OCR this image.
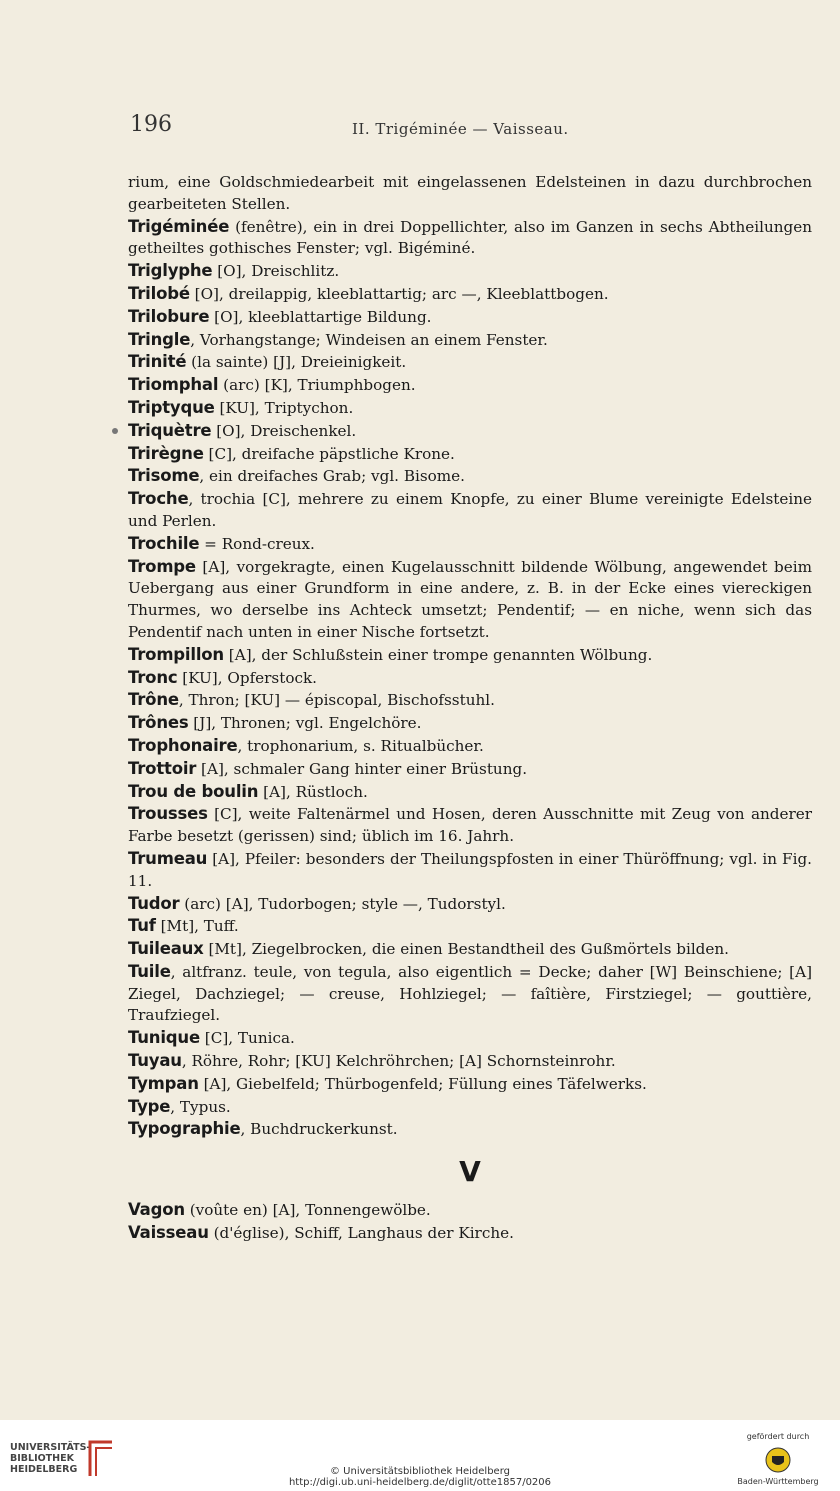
196	II. Trigéminée — Vaisseau.

rium, eine Goldschmiedearbeit mit eingelassenen Edelsteinen in dazu durchbrochen gearbeiteten Stellen.

Trigéminée (fenêtre), ein in drei Doppellichter, also im Ganzen in sechs Abtheilungen getheiltes gothisches Fenster; vgl. Bigéminé.

Triglyphe [O], Dreischlitz.

Trilobé [O], dreilappig, kleeblattartig; arc —, Kleeblattbogen.

Trilobure [O], kleeblattartige Bildung.

Tringle, Vorhangstange; Windeisen an einem Fenster.

Trinité (la sainte) [J], Dreieinigkeit.

Triomphal (arc) [K], Triumphbogen.

Triptyque [KU], Triptychon.

Triquètre [O], Dreischenkel.

Trirègne [C], dreifache päpstliche Krone.

Trisome, ein dreifaches Grab; vgl. Bisome.

Troche, trochia [C], mehrere zu einem Knopfe, zu einer Blume vereinigte Edelsteine und Perlen.

Trochile = Rond-creux.

Trompe [A], vorgekragte, einen Kugelausschnitt bildende Wölbung, angewendet beim Uebergang aus einer Grundform in eine andere, z. B. in der Ecke eines viereckigen Thurmes, wo derselbe ins Achteck umsetzt; Pendentif; — en niche, wenn sich das Pendentif nach unten in einer Nische fortsetzt.

Trompillon [A], der Schlußstein einer trompe genannten Wölbung.

Tronc [KU], Opferstock.

Trône, Thron; [KU] — épiscopal, Bischofsstuhl.

Trônes [J], Thronen; vgl. Engelchöre.

Trophonaire, trophonarium, s. Ritualbücher.

Trottoir [A], schmaler Gang hinter einer Brüstung.

Trou de boulin [A], Rüstloch.

Trousses [C], weite Faltenärmel und Hosen, deren Ausschnitte mit Zeug von anderer Farbe besetzt (gerissen) sind; üblich im 16. Jahrh.

Trumeau [A], Pfeiler: besonders der Theilungspfosten in einer Thüröffnung; vgl. in Fig. 11.

Tudor (arc) [A], Tudorbogen; style —, Tudorstyl.

Tuf [Mt], Tuff.

Tuileaux [Mt], Ziegelbrocken, die einen Bestandtheil des Gußmörtels bilden.

Tuile, altfranz. teule, von tegula, also eigentlich = Decke; daher [W] Beinschiene; [A] Ziegel, Dachziegel; — creuse, Hohlziegel; — faîtière, Firstziegel; — gouttière, Traufziegel.

Tunique [C], Tunica.

Tuyau, Röhre, Rohr; [KU] Kelchröhrchen; [A] Schornsteinrohr.

Tympan [A], Giebelfeld; Thürbogenfeld; Füllung eines Täfelwerks.

Type, Typus.

Typographie, Buchdruckerkunst.

V

Vagon (voûte en) [A], Tonnengewölbe.

Vaisseau (d'église), Schiff, Langhaus der Kirche.

UNIVERSITÄTS-
BIBLIOTHEK
HEIDELBERG	© Universitätsbibliothek Heidelberg
http://digi.ub.uni-heidelberg.de/diglit/otte1857/0206
gefördert durch
Baden-Württemberg
